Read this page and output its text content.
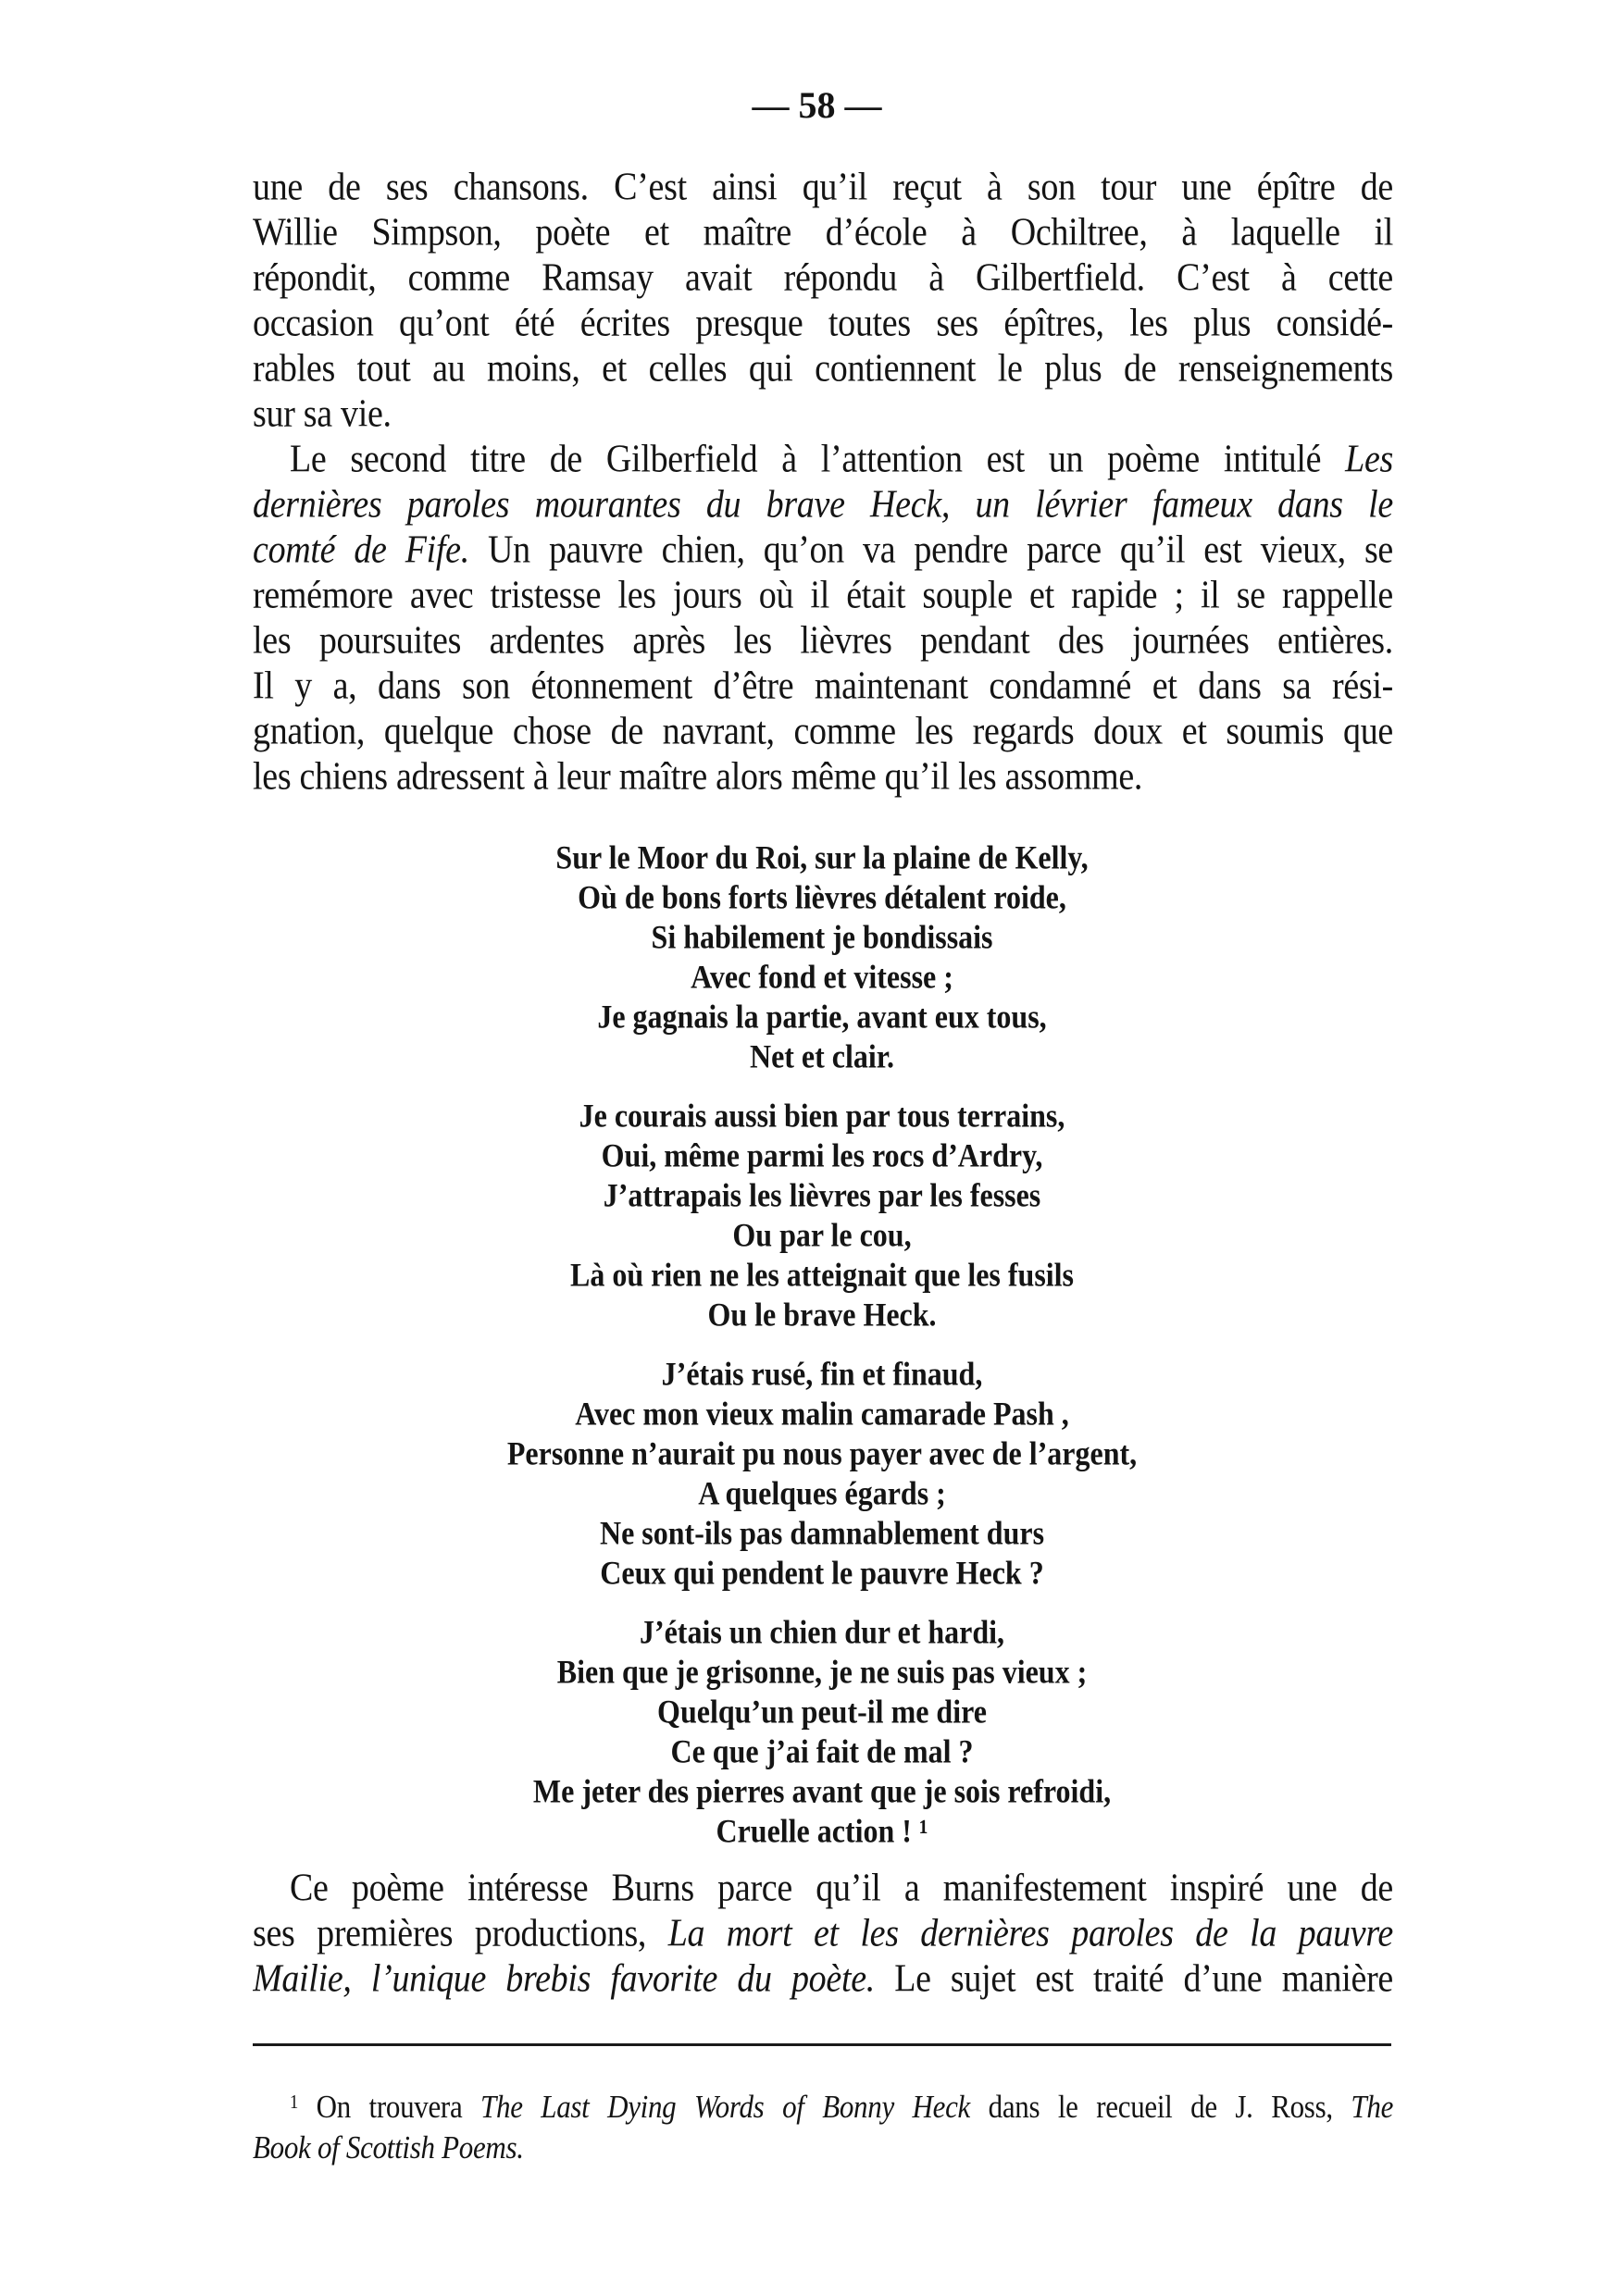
— 58 —
une de ses chansons. C’est ainsi qu’il reçut à son tour une épître de
Willie Simpson, poète et maître d’école à Ochiltree, à laquelle il
répondit, comme Ramsay avait répondu à Gilbertfield. C’est à cette
occasion qu’ont été écrites presque toutes ses épîtres, les plus considé-
rables tout au moins, et celles qui contiennent le plus de renseignements
sur sa vie.
Le second titre de Gilberfield à l’attention est un poème intitulé Les
dernières paroles mourantes du brave Heck, un lévrier fameux dans le
comté de Fife. Un pauvre chien, qu’on va pendre parce qu’il est vieux, se
remémore avec tristesse les jours où il était souple et rapide ; il se rappelle
les poursuites ardentes après les lièvres pendant des journées entières.
Il y a, dans son étonnement d’être maintenant condamné et dans sa rési-
gnation, quelque chose de navrant, comme les regards doux et soumis que
les chiens adressent à leur maître alors même qu’il les assomme.
Sur le Moor du Roi, sur la plaine de Kelly,
Où de bons forts lièvres détalent roide,
Si habilement je bondissais
Avec fond et vitesse ;
Je gagnais la partie, avant eux tous,
Net et clair.
Je courais aussi bien par tous terrains,
Oui, même parmi les rocs d’Ardry,
J’attrapais les lièvres par les fesses
Ou par le cou,
Là où rien ne les atteignait que les fusils
Ou le brave Heck.
J’étais rusé, fin et finaud,
Avec mon vieux malin camarade Pash ,
Personne n’aurait pu nous payer avec de l’argent,
A quelques égards ;
Ne sont-ils pas damnablement durs
Ceux qui pendent le pauvre Heck ?
J’étais un chien dur et hardi,
Bien que je grisonne, je ne suis pas vieux ;
Quelqu’un peut-il me dire
Ce que j’ai fait de mal ?
Me jeter des pierres avant que je sois refroidi,
Cruelle action ! ¹
Ce poème intéresse Burns parce qu’il a manifestement inspiré une de
ses premières productions, La mort et les dernières paroles de la pauvre
Mailie, l’unique brebis favorite du poète. Le sujet est traité d’une manière
$^1$ On trouvera The Last Dying Words of Bonny Heck dans le recueil de J. Ross, The
Book of Scottish Poems.
